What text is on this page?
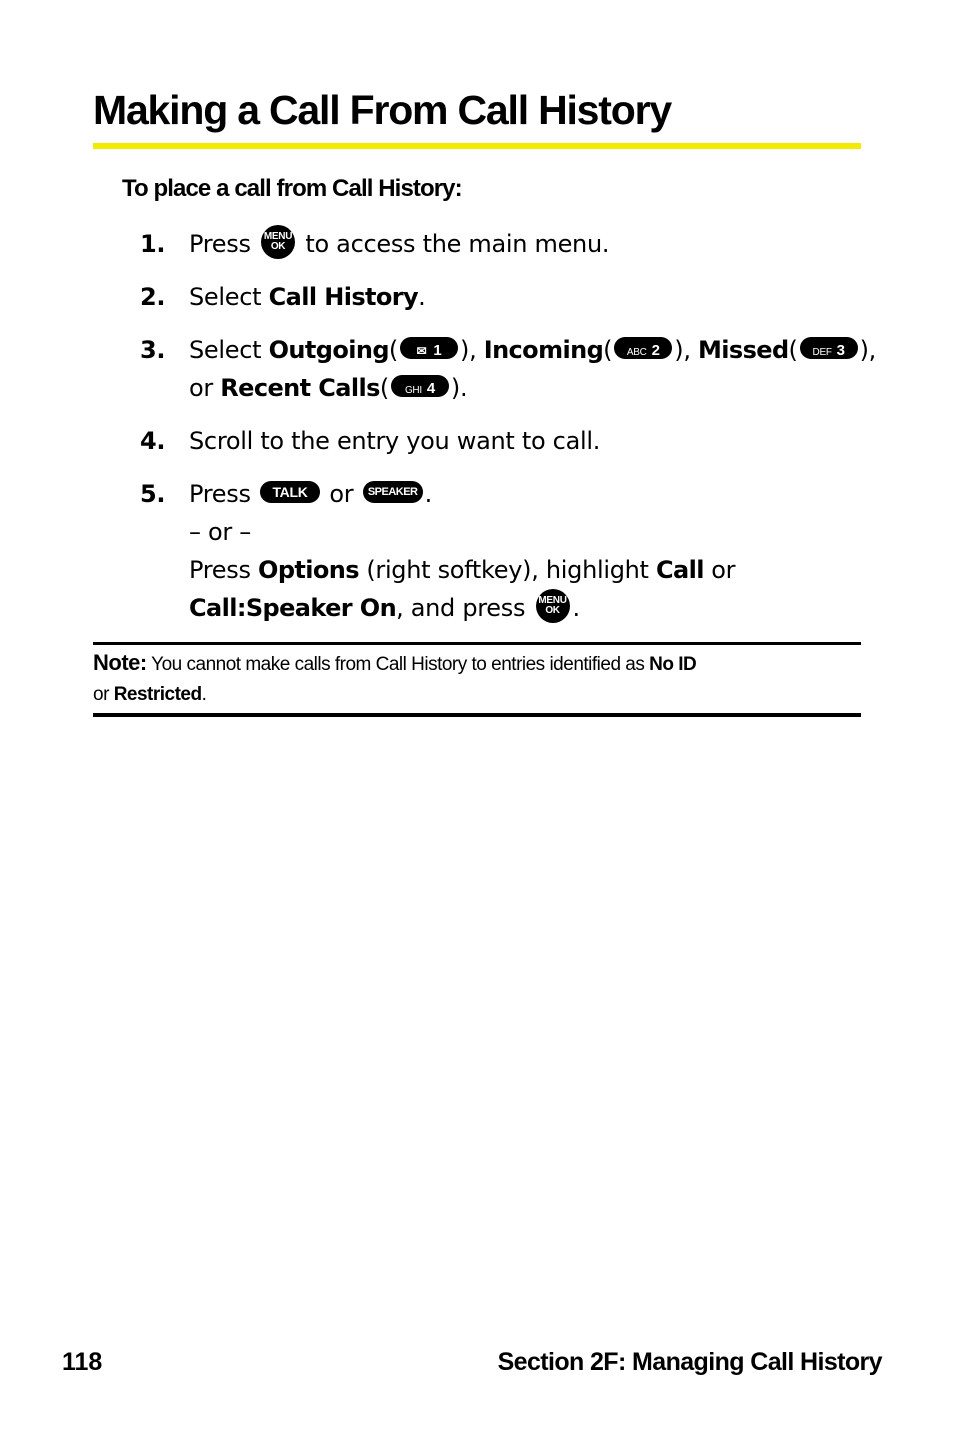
Making a Call From Call History
To place a call from Call History:
1. Press MENU
OK to access the main menu.
2. Select Call History.
3. Select Outgoing( ✉ 1 ), Incoming( ABC 2 ), Missed( DEF 3 ),
or Recent Calls( GHI 4 ).
4. Scroll to the entry you want to call.
5. Press TALK or SPEAKER .
– or –
Press Options (right softkey), highlight Call or
Call:Speaker On, and press MENU
OK .
Note: You cannot make calls from Call History to entries identified as No ID
or Restricted.
118	Section 2F: Managing Call History
